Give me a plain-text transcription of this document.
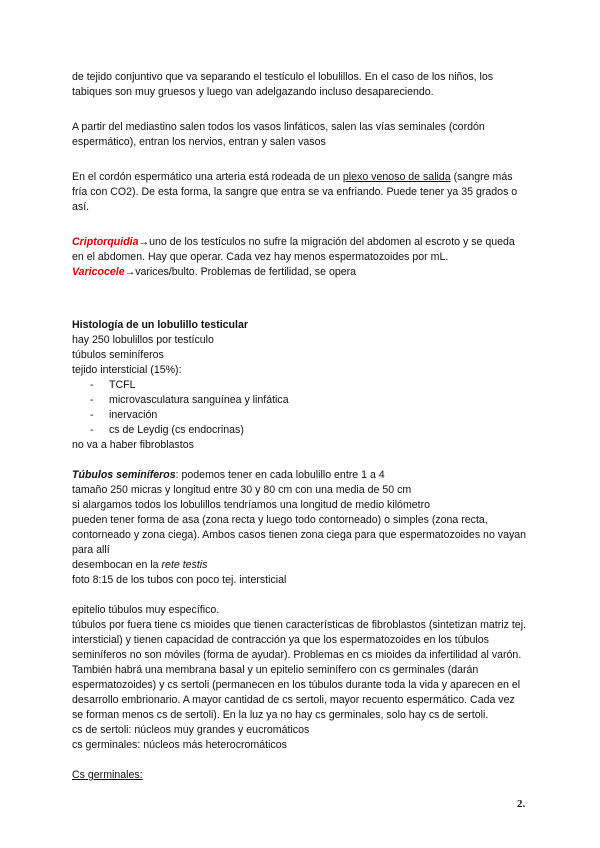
de tejido conjuntivo que va separando el testículo el lobulillos. En el caso de los niños, los tabiques son muy gruesos y luego van adelgazando incluso desapareciendo.

A partir del mediastino salen todos los vasos linfáticos, salen las vías seminales (cordón espermático), entran los nervios, entran y salen vasos

En el cordón espermático una arteria está rodeada de un plexo venoso de salida (sangre más fría con CO2). De esta forma, la sangre que entra se va enfriando. Puede tener ya 35 grados o así.

Criptorquidia→uno de los testículos no sufre la migración del abdomen al escroto y se queda en el abdomen. Hay que operar. Cada vez hay menos espermatozoides por mL.

Varicocele→varices/bulto. Problemas de fertilidad, se opera

Histología de un lobulillo testicular

hay 250 lobulillos por testículo

túbulos seminíferos

tejido intersticial (15%):

- TCFL
- microvasculatura sanguínea y linfática
- inervación
- cs de Leydig (cs endocrinas)

no va a haber fibroblastos

Túbulos seminíferos: podemos tener en cada lobulillo entre 1 a 4

tamaño 250 micras y longitud entre 30 y 80 cm con una media de 50 cm

si alargamos todos los lobulillos tendríamos una longitud de medio kilómetro

pueden tener forma de asa (zona recta y luego todo contorneado) o simples (zona recta, contorneado y zona ciega). Ambos casos tienen zona ciega para que espermatozoides no vayan para allí

desembocan en la rete testis

foto 8:15 de los tubos con poco tej. intersticial

epitelio túbulos muy específico.

túbulos por fuera tiene cs mioides que tienen características de fibroblastos (sintetizan matriz tej. intersticial) y tienen capacidad de contracción ya que los espermatozoides en los túbulos seminíferos no son móviles (forma de ayudar). Problemas en cs mioides da infertilidad al varón. También habrá una membrana basal y un epitelio seminífero con cs germinales (darán espermatozoides) y cs sertoli (permanecen en los túbulos durante toda la vida y aparecen en el desarrollo embrionario. A mayor cantidad de cs sertoli, mayor recuento espermático. Cada vez se forman menos cs de sertoli). En la luz ya no hay cs germinales, solo hay cs de sertoli.

cs de sertoli: núcleos muy grandes y eucromáticos

cs germinales: núcleos más heterocromáticos

Cs germinales:

2.
